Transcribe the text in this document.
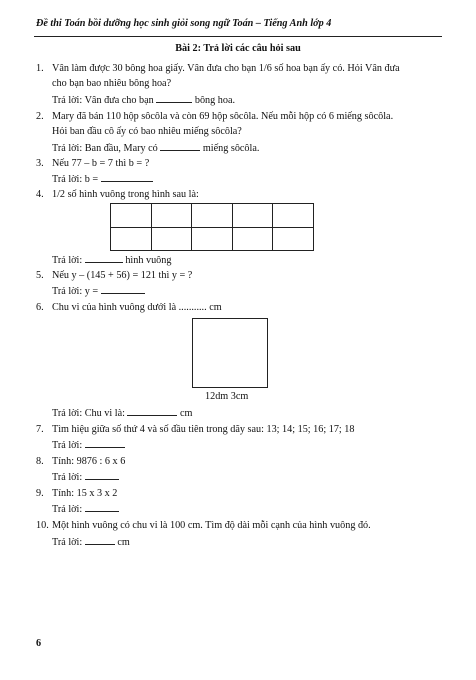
Đề thi Toán bồi dưỡng học sinh giỏi song ngữ Toán – Tiếng Anh lớp 4
Bài 2: Trả lời các câu hỏi sau
1. Vân làm được 30 bông hoa giấy. Vân đưa cho bạn 1/6 số hoa bạn ấy có. Hỏi Vân đưa
cho bạn bao nhiêu bông hoa?
Trả lời: Vân đưa cho bạn	bông hoa.
2. Mary đã bán 110 hộp sôcôla và còn 69 hộp sôcôla. Nếu mỗi hộp có 6 miếng sôcôla.
Hỏi ban đầu cô ấy có bao nhiêu miếng sôcôla?
Trả lời: Ban đầu, Mary có	miếng sôcôla.
3. Nếu 77 – b = 7 thì b = ?
Trả lời: b =
4. 1/2 số hình vuông trong hình sau là:

Trả lời:	hình vuông
5. Nếu y – (145 + 56) = 121 thì y = ?
Trả lời: y =
6. Chu vi của hình vuông dưới là ........... cm
12dm 3cm
Trả lời: Chu vi là:	cm
7. Tìm hiệu giữa số thứ 4 và số đầu tiên trong dãy sau: 13; 14; 15; 16; 17; 18
Trả lời:
8. Tính: 9876 : 6 x 6
Trả lời:
9. Tính: 15 x 3 x 2
Trả lời:
10. Một hình vuông có chu vi là 100 cm. Tìm độ dài mỗi cạnh của hình vuông đó.
Trả lời:	cm
6
